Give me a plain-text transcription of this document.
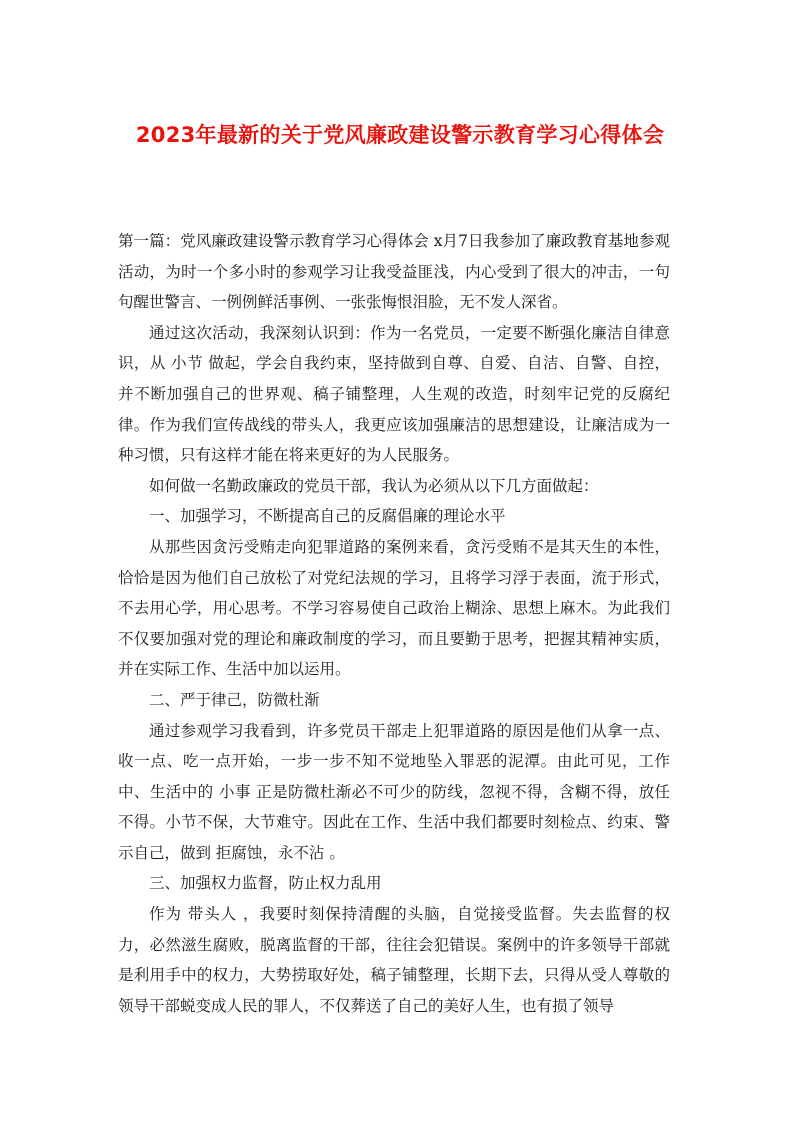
2023年最新的关于党风廉政建设警示教育学习心得体会

第一篇：党风廉政建设警示教育学习心得体会 x月7日我参加了廉政教育基地参观活动，为时一个多小时的参观学习让我受益匪浅，内心受到了很大的冲击，一句句醒世警言、一例例鲜活事例、一张张悔恨泪脸，无不发人深省。

通过这次活动，我深刻认识到：作为一名党员，一定要不断强化廉洁自律意识，从 小节 做起，学会自我约束，坚持做到自尊、自爱、自洁、自警、自控，并不断加强自己的世界观、稿子铺整理，人生观的改造，时刻牢记党的反腐纪律。作为我们宣传战线的带头人，我更应该加强廉洁的思想建设，让廉洁成为一种习惯，只有这样才能在将来更好的为人民服务。

如何做一名勤政廉政的党员干部，我认为必须从以下几方面做起：

一、加强学习，不断提高自己的反腐倡廉的理论水平

从那些因贪污受贿走向犯罪道路的案例来看，贪污受贿不是其天生的本性，恰恰是因为他们自己放松了对党纪法规的学习，且将学习浮于表面，流于形式，不去用心学，用心思考。不学习容易使自己政治上糊涂、思想上麻木。为此我们不仅要加强对党的理论和廉政制度的学习，而且要勤于思考，把握其精神实质，并在实际工作、生活中加以运用。

二、严于律己，防微杜渐

通过参观学习我看到，许多党员干部走上犯罪道路的原因是他们从拿一点、收一点、吃一点开始，一步一步不知不觉地坠入罪恶的泥潭。由此可见，工作中、生活中的 小事 正是防微杜渐必不可少的防线，忽视不得，含糊不得，放任不得。小节不保，大节难守。因此在工作、生活中我们都要时刻检点、约束、警示自己，做到 拒腐蚀，永不沾 。

三、加强权力监督，防止权力乱用

作为 带头人 ，我要时刻保持清醒的头脑，自觉接受监督。失去监督的权力，必然滋生腐败，脱离监督的干部，往往会犯错误。案例中的许多领导干部就是利用手中的权力，大势捞取好处，稿子铺整理，长期下去，只得从受人尊敬的领导干部蜕变成人民的罪人，不仅葬送了自己的美好人生，也有损了领导
